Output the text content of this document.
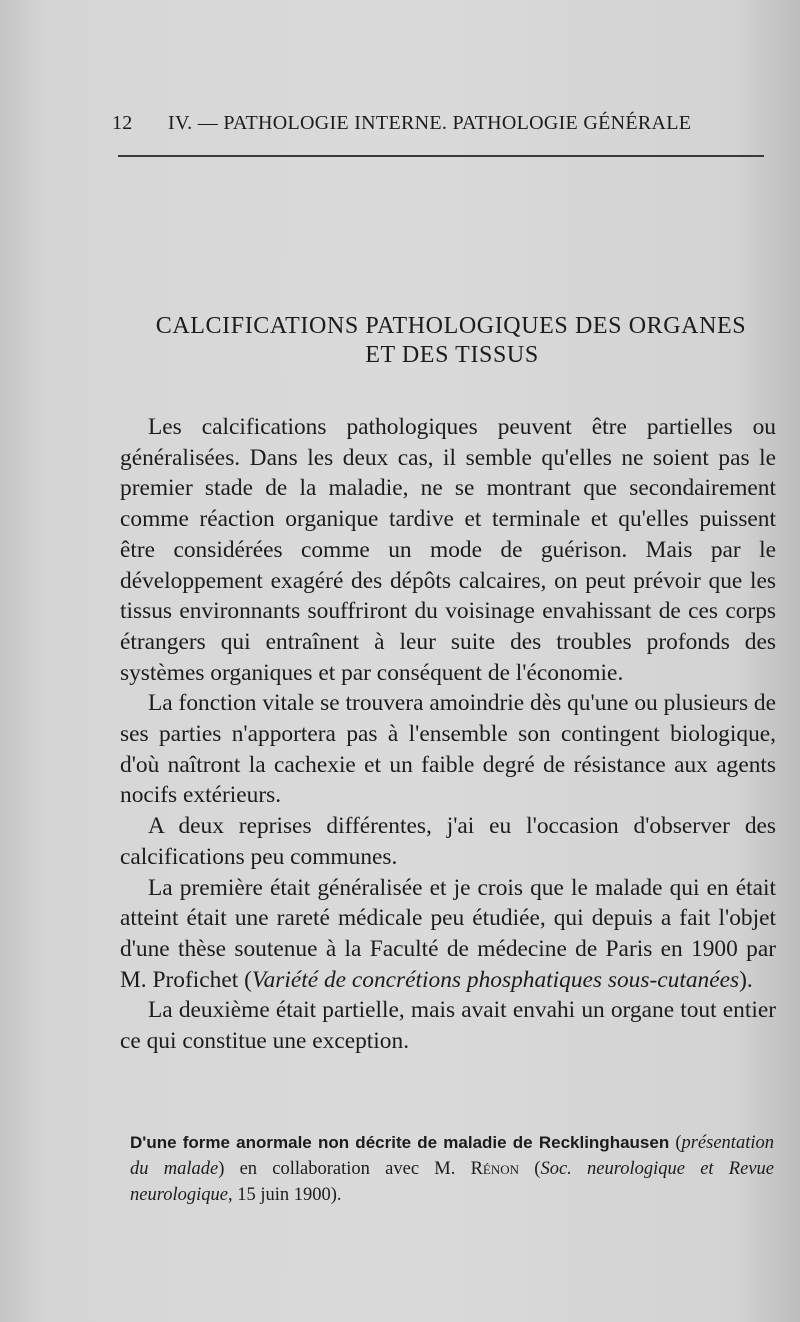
12 IV. — PATHOLOGIE INTERNE. PATHOLOGIE GÉNÉRALE
CALCIFICATIONS PATHOLOGIQUES DES ORGANES
ET DES TISSUS

Les calcifications pathologiques peuvent être partielles ou généralisées. Dans les deux cas, il semble qu'elles ne soient pas le premier stade de la maladie, ne se montrant que secondairement comme réaction organique tardive et terminale et qu'elles puissent être considérées comme un mode de guérison. Mais par le développement exagéré des dépôts calcaires, on peut prévoir que les tissus environnants souffriront du voisinage envahissant de ces corps étrangers qui entraînent à leur suite des troubles profonds des systèmes organiques et par conséquent de l'économie.

La fonction vitale se trouvera amoindrie dès qu'une ou plusieurs de ses parties n'apportera pas à l'ensemble son contingent biologique, d'où naîtront la cachexie et un faible degré de résistance aux agents nocifs extérieurs.

A deux reprises différentes, j'ai eu l'occasion d'observer des calcifications peu communes.

La première était généralisée et je crois que le malade qui en était atteint était une rareté médicale peu étudiée, qui depuis a fait l'objet d'une thèse soutenue à la Faculté de médecine de Paris en 1900 par M. Profichet (Variété de concrétions phosphatiques sous-cutanées).

La deuxième était partielle, mais avait envahi un organe tout entier ce qui constitue une exception.

D'une forme anormale non décrite de maladie de Recklinghausen (présentation du malade) en collaboration avec M. Rénon (Soc. neurologique et Revue neurologique, 15 juin 1900).
